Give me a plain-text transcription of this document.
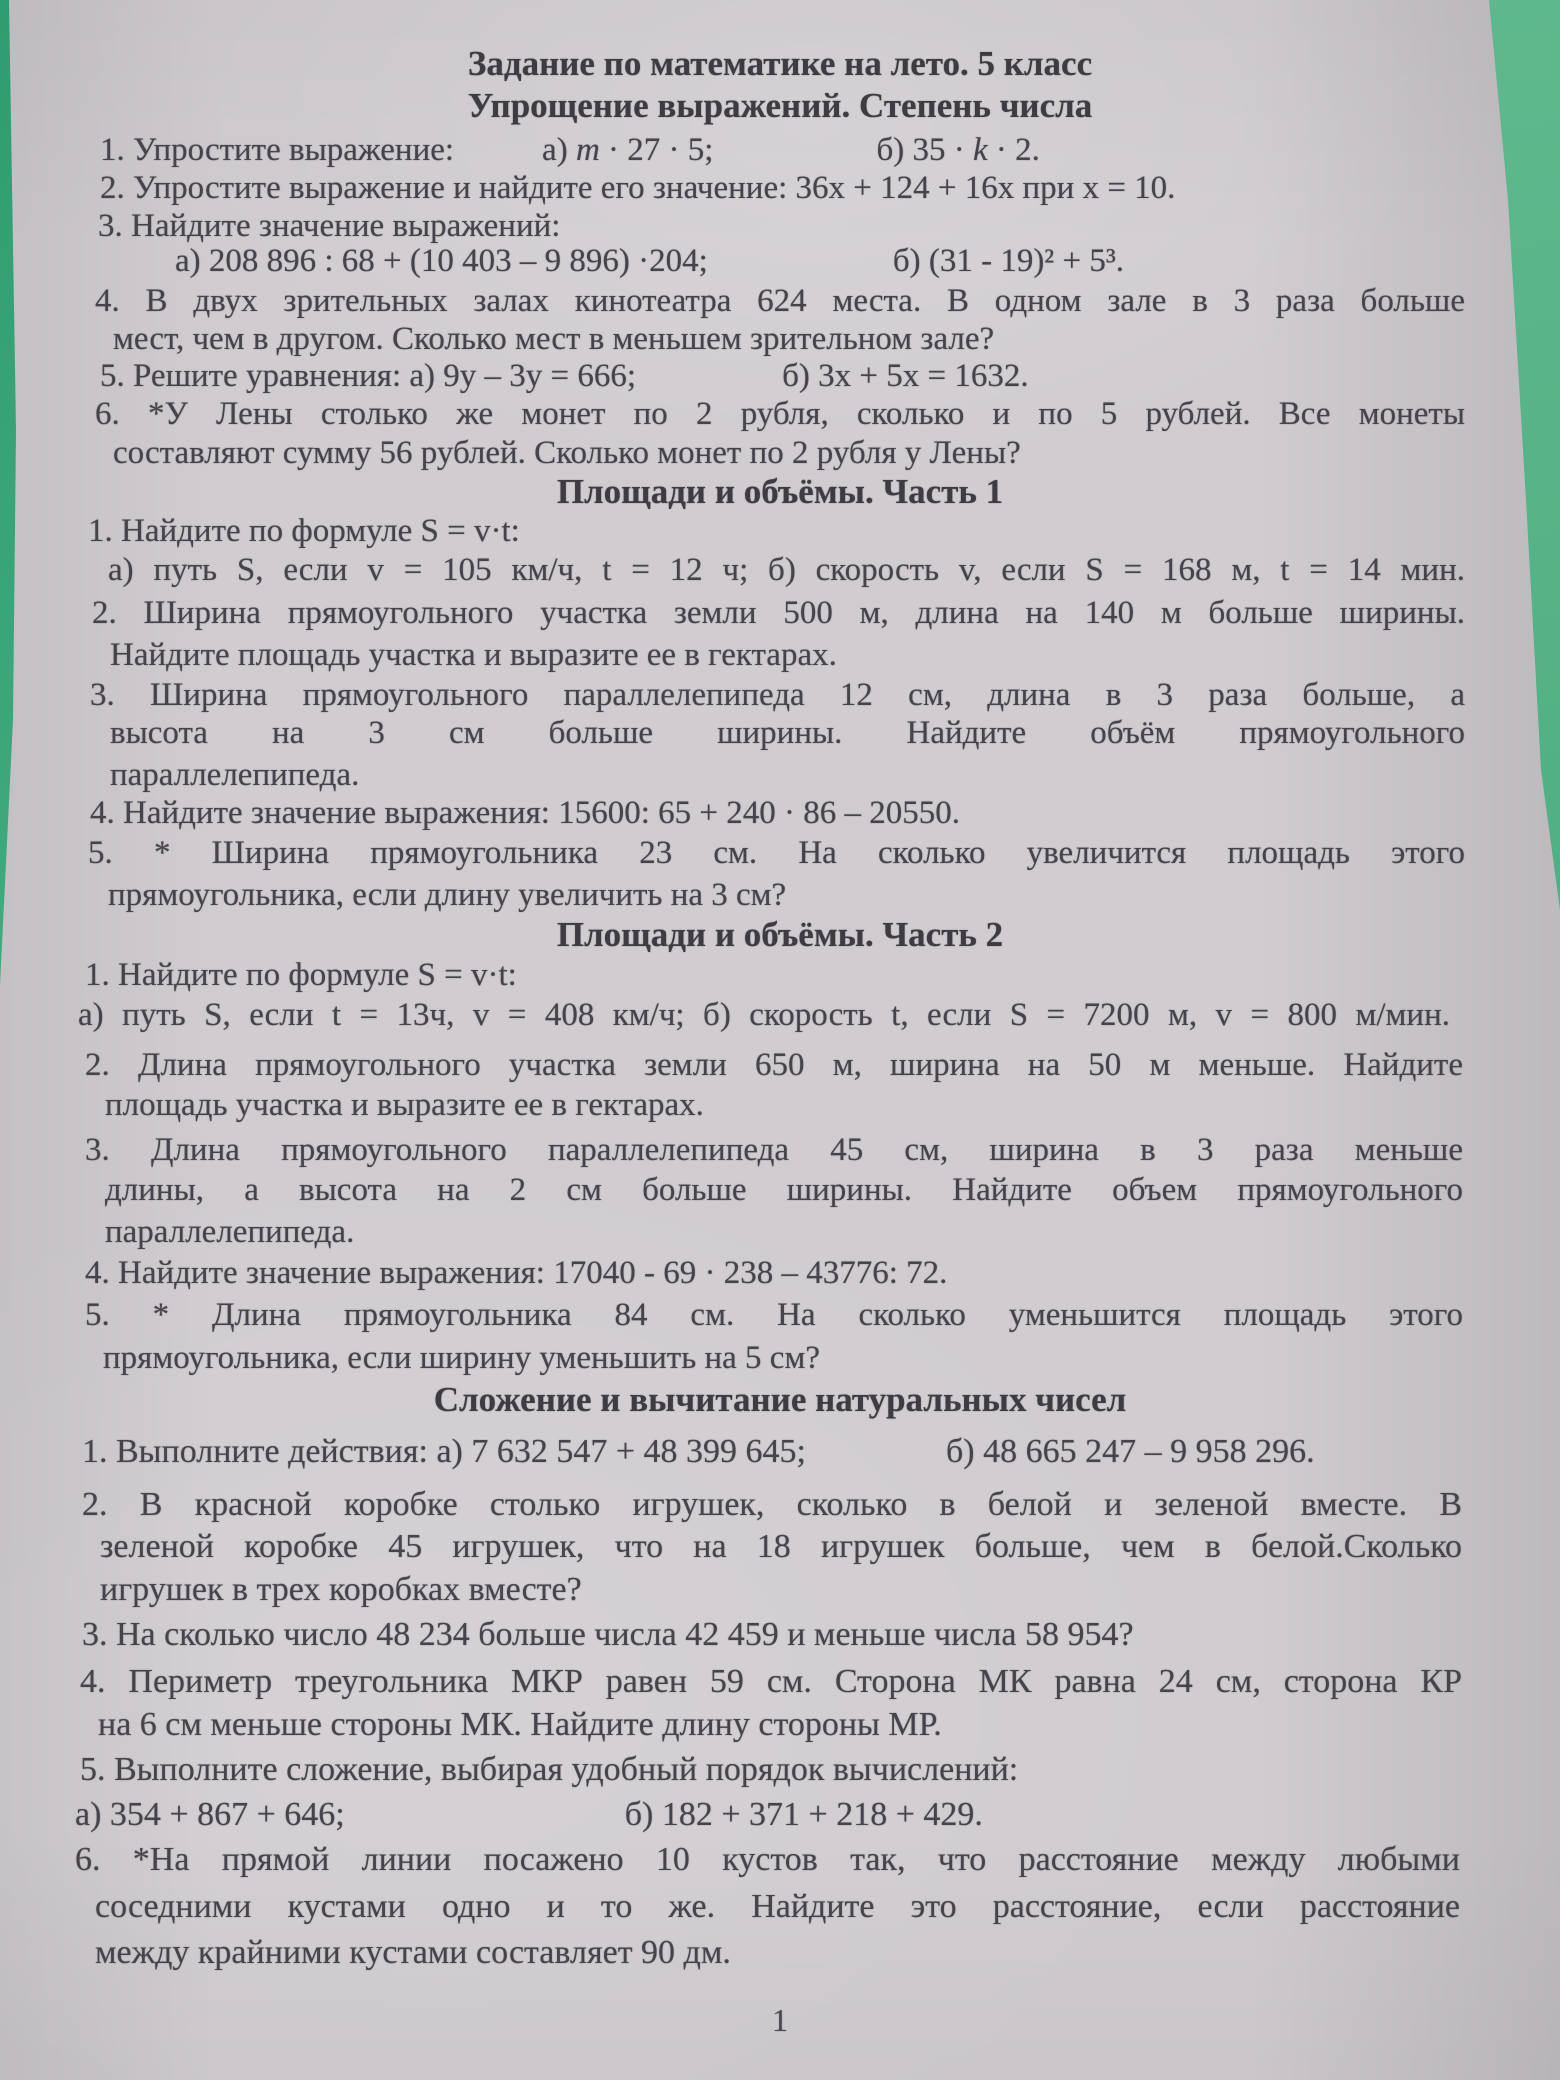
Задание по математике на лето. 5 класс
Упрощение выражений. Степень числа
1. Упростите выражение:	а) m · 27 · 5;	б) 35 · k · 2.
2. Упростите выражение и найдите его значение: 36x + 124 + 16x при x = 10.
3. Найдите значение выражений:
а) 208 896 : 68 + (10 403 – 9 896) ·204;	б) (31 - 19)² + 5³.
4. В двух зрительных залах кинотеатра 624 места. В одном зале в 3 раза больше
мест, чем в другом. Сколько мест в меньшем зрительном зале?
5. Решите уравнения: а) 9y – 3y = 666;	б) 3x + 5x = 1632.
6. *У Лены столько же монет по 2 рубля, сколько и по 5 рублей. Все монеты
составляют сумму 56 рублей. Сколько монет по 2 рубля у Лены?
Площади и объёмы. Часть 1
1. Найдите по формуле S = v·t:
а) путь S, если v = 105 км/ч, t = 12 ч; б) скорость v, если S = 168 м, t = 14 мин.
2. Ширина прямоугольного участка земли 500 м, длина на 140 м больше ширины.
Найдите площадь участка и выразите ее в гектарах.
3. Ширина прямоугольного параллелепипеда 12 см, длина в 3 раза больше, а
высота на 3 см больше ширины. Найдите объём прямоугольного
параллелепипеда.
4. Найдите значение выражения: 15600: 65 + 240 · 86 – 20550.
5. * Ширина прямоугольника 23 см. На сколько увеличится площадь этого
прямоугольника, если длину увеличить на 3 см?
Площади и объёмы. Часть 2
1. Найдите по формуле S = v·t:
а) путь S, если t = 13ч, v = 408 км/ч; б) скорость t, если S = 7200 м, v = 800 м/мин.
2. Длина прямоугольного участка земли 650 м, ширина на 50 м меньше. Найдите
площадь участка и выразите ее в гектарах.
3. Длина прямоугольного параллелепипеда 45 см, ширина в 3 раза меньше
длины, а высота на 2 см больше ширины. Найдите объем прямоугольного
параллелепипеда.
4. Найдите значение выражения: 17040 - 69 · 238 – 43776: 72.
5. * Длина прямоугольника 84 см. На сколько уменьшится площадь этого
прямоугольника, если ширину уменьшить на 5 см?
Сложение и вычитание натуральных чисел
1. Выполните действия: а) 7 632 547 + 48 399 645;	б) 48 665 247 – 9 958 296.
2. В красной коробке столько игрушек, сколько в белой и зеленой вместе. В
зеленой коробке 45 игрушек, что на 18 игрушек больше, чем в белой.Сколько
игрушек в трех коробках вместе?
3. На сколько число 48 234 больше числа 42 459 и меньше числа 58 954?
4. Периметр треугольника МКР равен 59 см. Сторона МК равна 24 см, сторона КР
на 6 см меньше стороны МК. Найдите длину стороны МР.
5. Выполните сложение, выбирая удобный порядок вычислений:
а) 354 + 867 + 646;	б) 182 + 371 + 218 + 429.
6. *На прямой линии посажено 10 кустов так, что расстояние между любыми
соседними кустами одно и то же. Найдите это расстояние, если расстояние
между крайними кустами составляет 90 дм.
1
